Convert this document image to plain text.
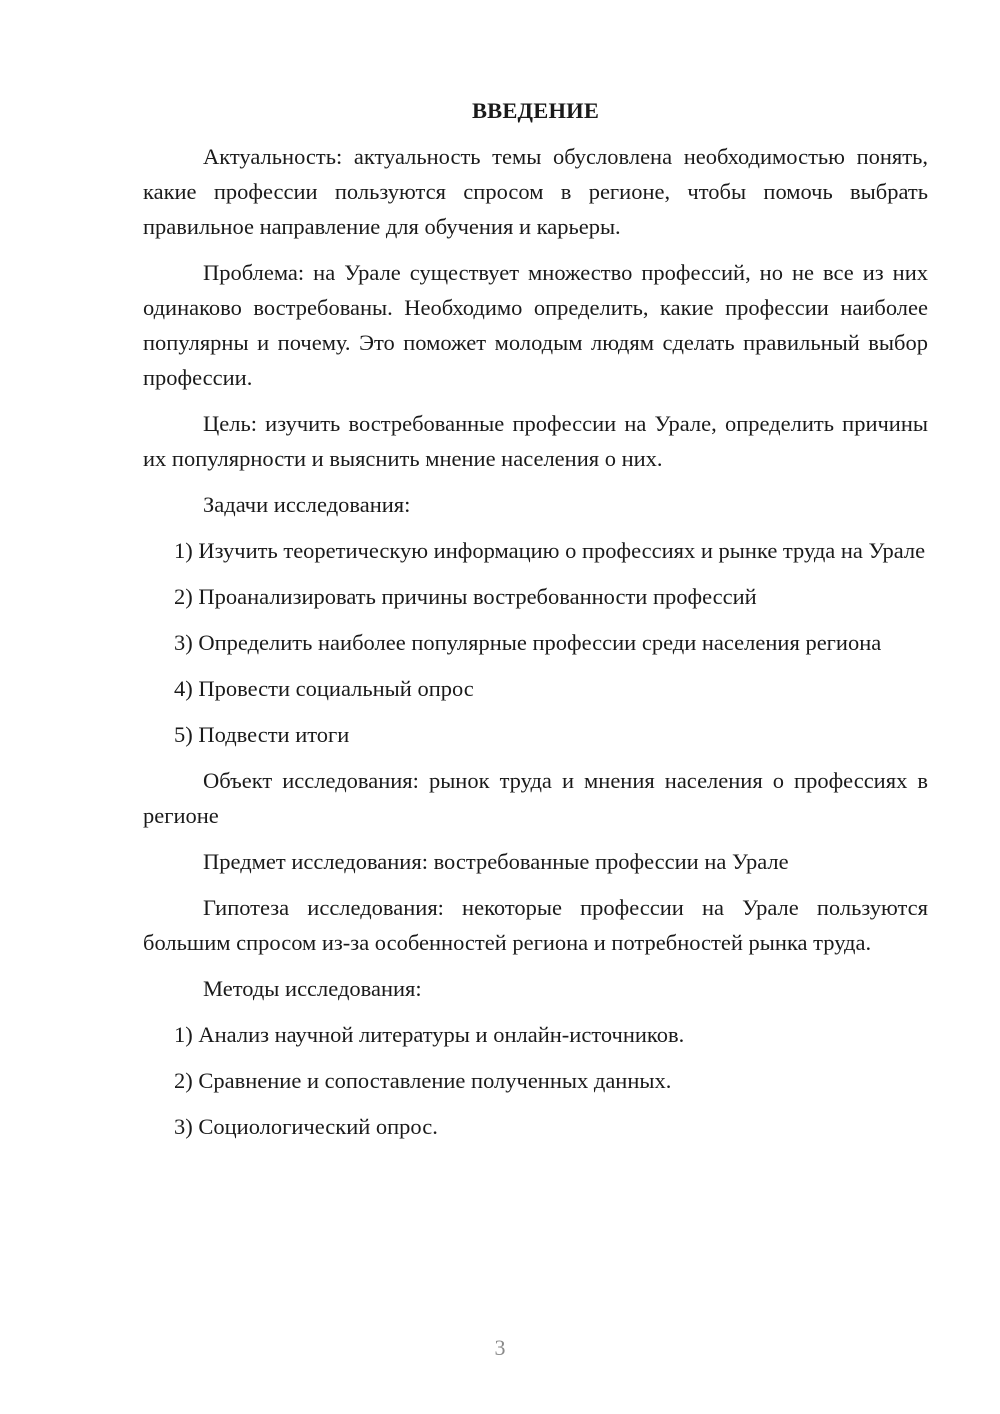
ВВЕДЕНИЕ
Актуальность: актуальность темы обусловлена необходимостью понять, какие профессии пользуются спросом в регионе, чтобы помочь выбрать правильное направление для обучения и карьеры.
Проблема: на Урале существует множество профессий, но не все из них одинаково востребованы. Необходимо определить, какие профессии наиболее популярны и почему. Это поможет молодым людям сделать правильный выбор профессии.
Цель: изучить востребованные профессии на Урале, определить причины их популярности и выяснить мнение населения о них.
Задачи исследования:
1) Изучить теоретическую информацию о профессиях и рынке труда на Урале
2) Проанализировать причины востребованности профессий
3) Определить наиболее популярные профессии среди населения региона
4) Провести социальный опрос
5) Подвести итоги
Объект исследования: рынок труда и мнения населения о профессиях в регионе
Предмет исследования: востребованные профессии на Урале
Гипотеза исследования: некоторые профессии на Урале пользуются большим спросом из-за особенностей региона и потребностей рынка труда.
Методы исследования:
1) Анализ научной литературы и онлайн-источников.
2) Сравнение и сопоставление полученных данных.
3) Социологический опрос.
3
